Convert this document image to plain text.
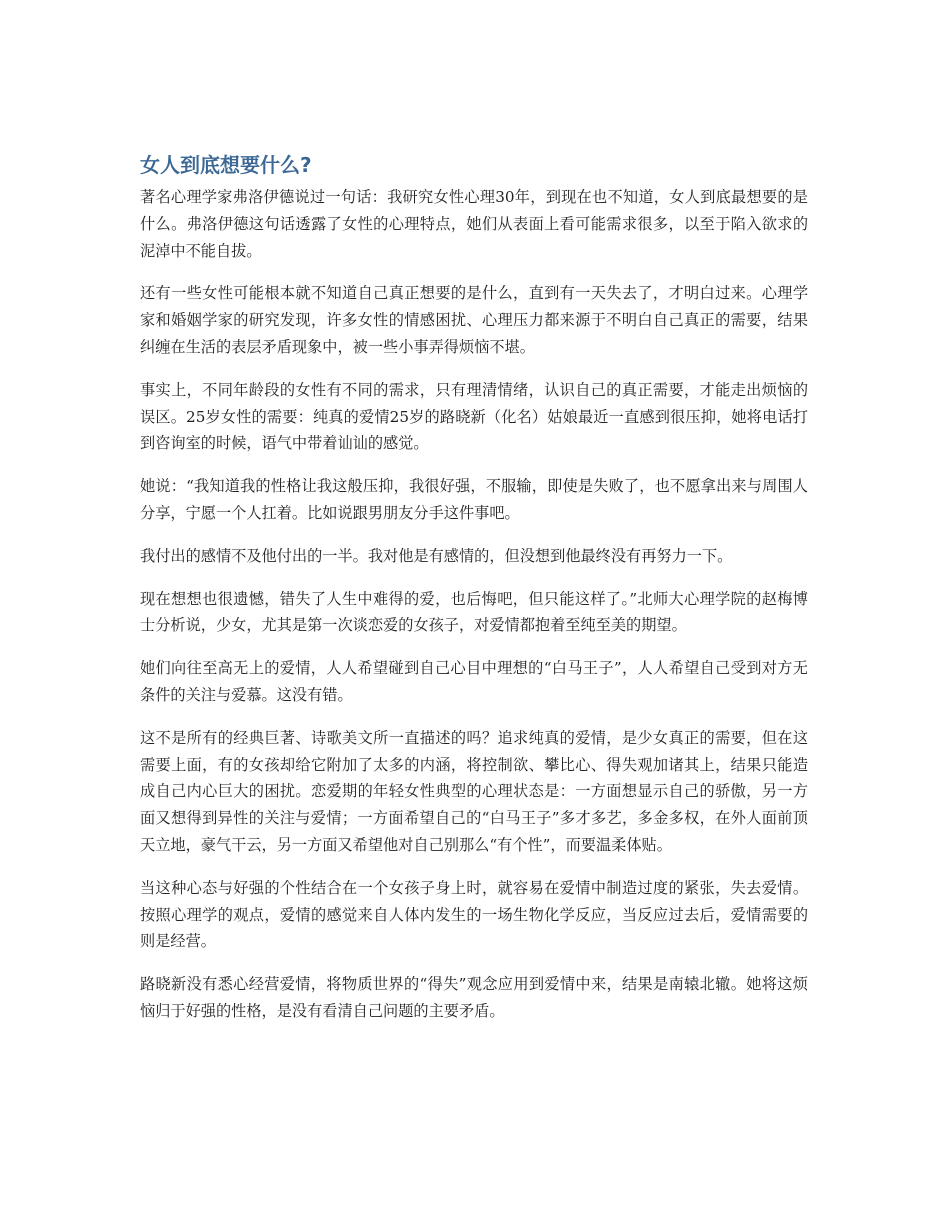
女人到底想要什么?

著名心理学家弗洛伊德说过一句话：我研究女性心理30年，到现在也不知道，女人到底最想要的是什么。弗洛伊德这句话透露了女性的心理特点，她们从表面上看可能需求很多，以至于陷入欲求的泥淖中不能自拔。

还有一些女性可能根本就不知道自己真正想要的是什么，直到有一天失去了，才明白过来。心理学家和婚姻学家的研究发现，许多女性的情感困扰、心理压力都来源于不明白自己真正的需要，结果纠缠在生活的表层矛盾现象中，被一些小事弄得烦恼不堪。

事实上，不同年龄段的女性有不同的需求，只有理清情绪，认识自己的真正需要，才能走出烦恼的误区。25岁女性的需要：纯真的爱情25岁的路晓新（化名）姑娘最近一直感到很压抑，她将电话打到咨询室的时候，语气中带着讪讪的感觉。

她说：“我知道我的性格让我这般压抑，我很好强，不服输，即使是失败了，也不愿拿出来与周围人分享，宁愿一个人扛着。比如说跟男朋友分手这件事吧。

我付出的感情不及他付出的一半。我对他是有感情的，但没想到他最终没有再努力一下。

现在想想也很遗憾，错失了人生中难得的爱，也后悔吧，但只能这样了。”北师大心理学院的赵梅博士分析说，少女，尤其是第一次谈恋爱的女孩子，对爱情都抱着至纯至美的期望。

她们向往至高无上的爱情，人人希望碰到自己心目中理想的“白马王子”，人人希望自己受到对方无条件的关注与爱慕。这没有错。

这不是所有的经典巨著、诗歌美文所一直描述的吗？追求纯真的爱情，是少女真正的需要，但在这需要上面，有的女孩却给它附加了太多的内涵，将控制欲、攀比心、得失观加诸其上，结果只能造成自己内心巨大的困扰。恋爱期的年轻女性典型的心理状态是：一方面想显示自己的骄傲，另一方面又想得到异性的关注与爱情；一方面希望自己的“白马王子”多才多艺，多金多权，在外人面前顶天立地，豪气干云，另一方面又希望他对自己别那么“有个性”，而要温柔体贴。

当这种心态与好强的个性结合在一个女孩子身上时，就容易在爱情中制造过度的紧张，失去爱情。按照心理学的观点，爱情的感觉来自人体内发生的一场生物化学反应，当反应过去后，爱情需要的则是经营。

路晓新没有悉心经营爱情，将物质世界的“得失”观念应用到爱情中来，结果是南辕北辙。她将这烦恼归于好强的性格，是没有看清自己问题的主要矛盾。
